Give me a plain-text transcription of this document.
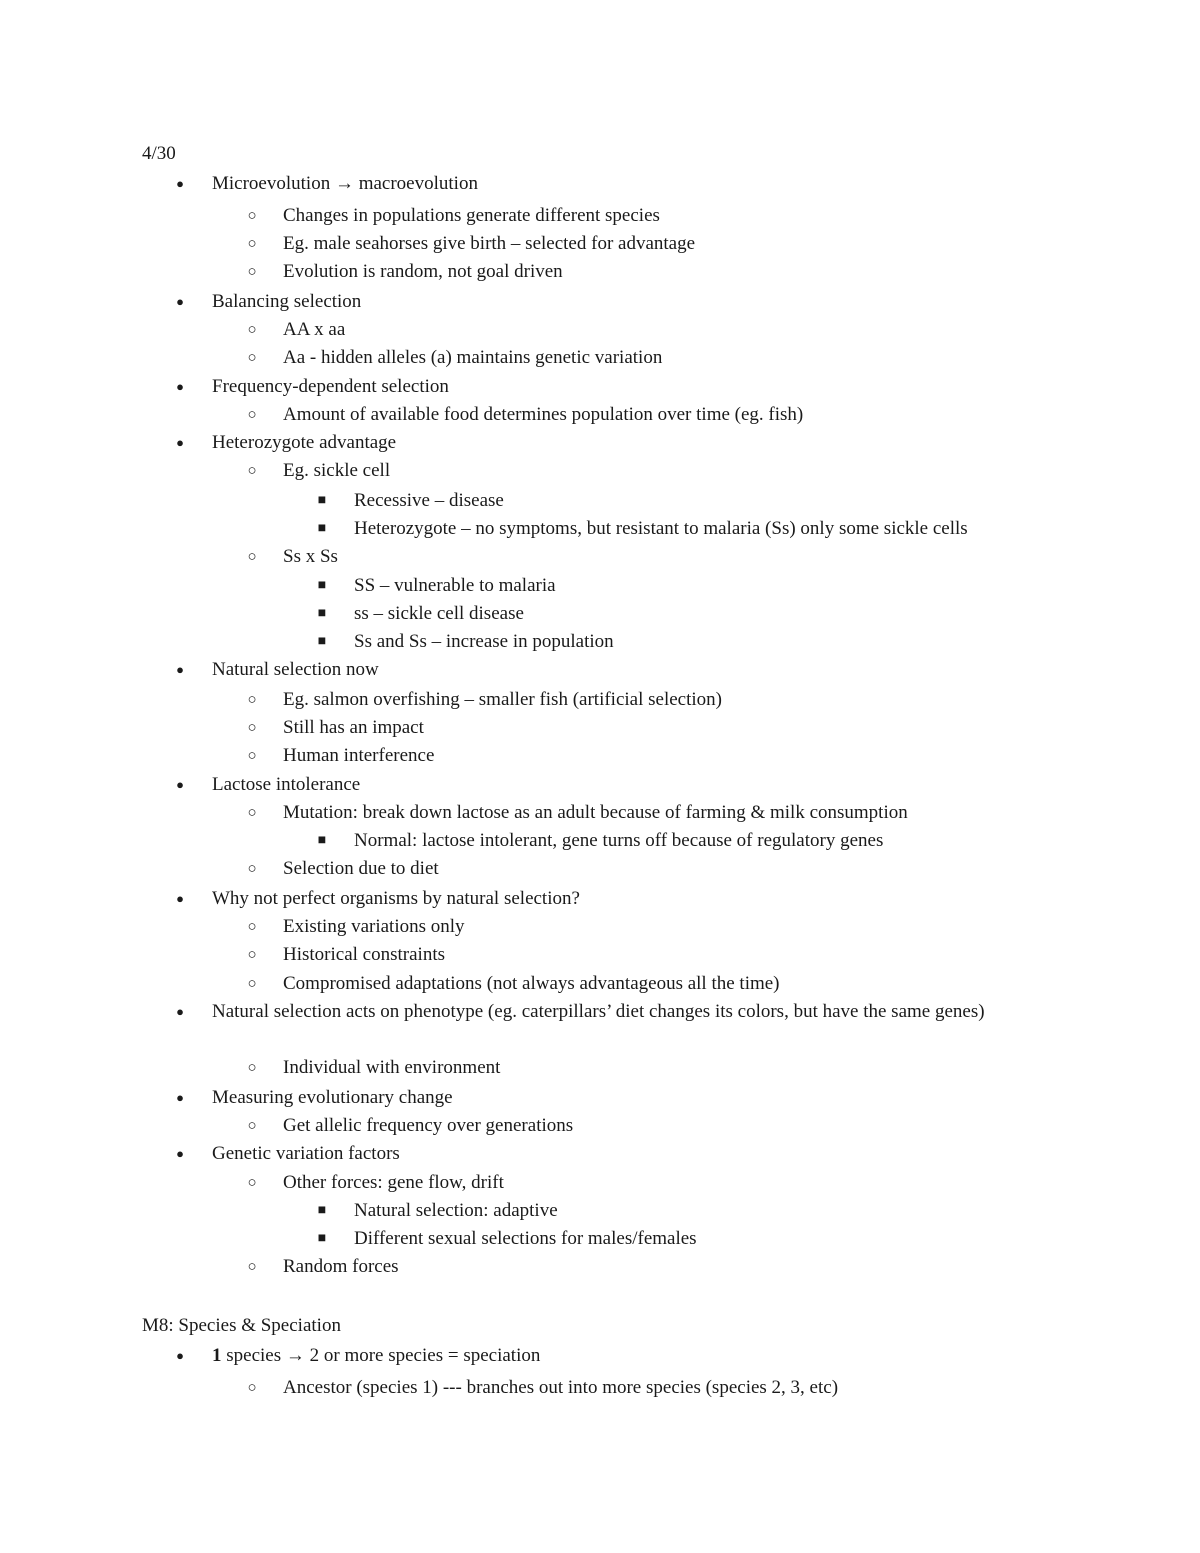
4/30
●	Microevolution → macroevolution
○ Changes in populations generate different species
○ Eg. male seahorses give birth – selected for advantage
○ Evolution is random, not goal driven
●	Balancing selection
○ AA x aa
○ Aa - hidden alleles (a) maintains genetic variation
●	Frequency-dependent selection
○ Amount of available food determines population over time (eg. fish)
●	Heterozygote advantage
○ Eg. sickle cell
■	Recessive – disease
■	Heterozygote – no symptoms, but resistant to malaria (Ss) only some sickle cells
○ Ss x Ss
■	SS – vulnerable to malaria
■	ss – sickle cell disease
■	Ss and Ss – increase in population
●	Natural selection now
○ Eg. salmon overfishing – smaller fish (artificial selection)
○ Still has an impact
○ Human interference
●	Lactose intolerance
○ Mutation: break down lactose as an adult because of farming & milk consumption
■	Normal: lactose intolerant, gene turns off because of regulatory genes
○ Selection due to diet
●	Why not perfect organisms by natural selection?
○ Existing variations only
○ Historical constraints
○ Compromised adaptations (not always advantageous all the time)
●	Natural selection acts on phenotype (eg. caterpillars’ diet changes its colors, but have the same genes)
○ Individual with environment
●	Measuring evolutionary change
○ Get allelic frequency over generations
●	Genetic variation factors
○ Other forces: gene flow, drift
■	Natural selection: adaptive
■	Different sexual selections for males/females
○ Random forces
M8: Species & Speciation
●	1 species → 2 or more species = speciation
○ Ancestor (species 1) --- branches out into more species (species 2, 3, etc)
